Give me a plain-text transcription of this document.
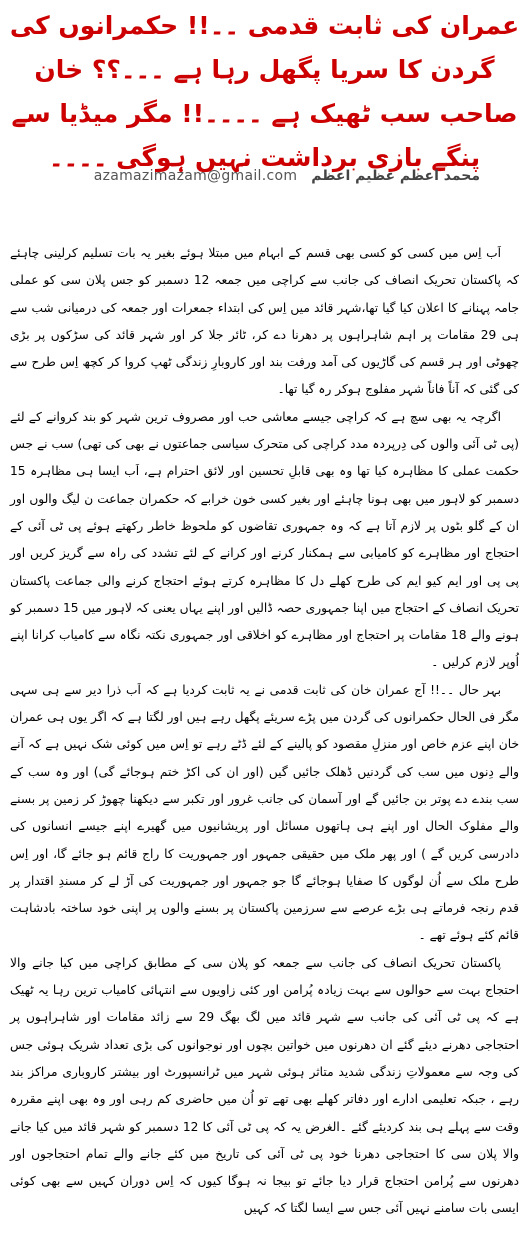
عمران کی ثابت قدمی ۔۔!! حکمرانوں کی گردن کا سریا پگھل رہا ہے ۔۔۔؟؟ خان صاحب سب ٹھیک ہے ۔۔۔۔!! مگر میڈیا سے پنگے بازی برداشت نہیں ہوگی ۔۔۔۔
محمد اعظم عظیم اعظم
azamazimazam@gmail.com

اَب اِس میں کسی کو کسی بھی قسم کے ابہام میں مبتلا ہوئے بغیر یہ بات تسلیم کرلینی چاہئے کہ پاکستان تحریک انصاف کی جانب سے کراچی میں جمعہ 12 دسمبر کو جس پلان سی کو عملی جامہ پہنانے کا اعلان کیا گیا تھا،شہر قائد میں اِس کی ابتداء جمعرات اور جمعہ کی درمیانی شب سے ہی 29 مقامات پر اہم شاہراہوں پر دھرنا دے کر، ٹائر جلا کر اور شہر قائد کی سڑکوں پر بڑی چھوٹی اور ہر قسم کی گاڑیوں کی آمد ورفت بند اور کاروبارِ زندگی ٹھپ کروا کر کچھ اِس طرح سے کی گئی کہ آناً فاناً شہر مفلوج ہوکر رہ گیا تھا۔

اگرچہ یہ بھی سچ ہے کہ کراچی جیسے معاشی حب اور مصروف ترین شہر کو بند کروانے کے لئے (پی ٹی آئی والوں کی دِرپردہ مدد کراچی کی متحرک سیاسی جماعتوں نے بھی کی تھی) سب نے جس حکمت عملی کا مظاہرہ کیا تھا وہ بھی قابلِ تحسین اور لائق احترام ہے، اَب ایسا ہی مظاہرہ 15 دسمبر کو لاہور میں بھی ہونا چاہئے اور بغیر کسی خون خرابے کہ حکمران جماعت ن لیگ والوں اور ان کے گلو بٹوں پر لازم آتا ہے کہ وہ جمہوری تقاضوں کو ملحوظ خاطر رکھتے ہوئے پی ٹی آئی کے احتجاج اور مظاہرے کو کامیابی سے ہمکنار کرنے اور کرانے کے لئے تشدد کی راہ سے گریز کریں اور پی پی اور ایم کیو ایم کی طرح کھلے دل کا مظاہرہ کرتے ہوئے احتجاج کرنے والی جماعت پاکستان تحریک انصاف کے احتجاج میں اپنا جمہوری حصہ ڈالیں اور اپنے یہاں یعنی کہ لاہور میں 15 دسمبر کو ہونے والے 18 مقامات پر احتجاج اور مظاہرے کو اخلاقی اور جمہوری نکتہ نگاہ سے کامیاب کرانا اپنے اُوپر لازم کرلیں ۔

بہر حال ۔۔!! آج عمران خان کی ثابت قدمی نے یہ ثابت کردیا ہے کہ اَب ذرا دیر سے ہی سہی مگر فی الحال حکمرانوں کی گردن میں پڑے سریئے پگھل رہے ہیں اور لگتا ہے کہ اگر یوں ہی عمران خان اپنے عزم خاص اور منزلِ مقصود کو پالینے کے لئے ڈٹے رہے تو اِس میں کوئی شک نہیں ہے کہ آنے والے دِنوں میں سب کی گردنیں ڈھلک جائیں گیں (اور ان کی اکڑ ختم ہوجائے گی) اور وہ سب کے سب بندے دے پوتر بن جائیں گے اور آسمان کی جانب غرور اور تکبر سے دیکھنا چھوڑ کر زمین پر بسنے والے مفلوک الحال اور اپنے ہی ہاتھوں مسائل اور پریشانیوں میں گھیرے اپنے جیسے انسانوں کی دادرسی کریں گے ) اور پھر ملک میں حقیقی جمہور اور جمہوریت کا راج قائم ہو جائے گا، اور اِس طرح ملک سے اُن لوگوں کا صفایا ہوجائے گا جو جمہور اور جمہوریت کی آڑ لے کر مسندِ اقتدار پر قدم رنجہ فرماتے ہی بڑے عرصے سے سرزمین پاکستان پر بسنے والوں پر اپنی خود ساختہ بادشاہت قائم کئے ہوئے تھے ۔

پاکستان تحریک انصاف کی جانب سے جمعہ کو پلان سی کے مطابق کراچی میں کیا جانے والا احتجاج بہت سے حوالوں سے بہت زیادہ پُرامن اور کئی زاویوں سے انتہائی کامیاب ترین رہا یہ ٹھیک ہے کہ پی ٹی آئی کی جانب سے شہر قائد میں لگ بھگ 29 سے زائد مقامات اور شاہراہوں پر احتجاجی دھرنے دیئے گئے ان دھرنوں میں خواتین بچوں اور نوجوانوں کی بڑی تعداد شریک ہوئی جس کی وجہ سے معمولاتِ زندگی شدید متاثر ہوئی شہر میں ٹرانسپورٹ اور بیشتر کاروباری مراکز بند رہے ، جبکہ تعلیمی ادارے اور دفاتر کھلے بھی تھے تو اُن میں حاضری کم رہی اور وہ بھی اپنے مقررہ وقت سے پہلے ہی بند کردیئے گئے ۔الغرض یہ کہ پی ٹی آئی کا 12 دسمبر کو شہر قائد میں کیا جانے والا پلان سی کا احتجاجی دھرنا خود پی ٹی آئی کی تاریخ میں کئے جانے والے تمام احتجاجوں اور دھرنوں سے پُرامن احتجاج قرار دیا جائے تو بیجا نہ ہوگا کیوں کہ اِس دوران کہیں سے بھی کوئی ایسی بات سامنے نہیں آئی جس سے ایسا لگتا کہ کہیں
